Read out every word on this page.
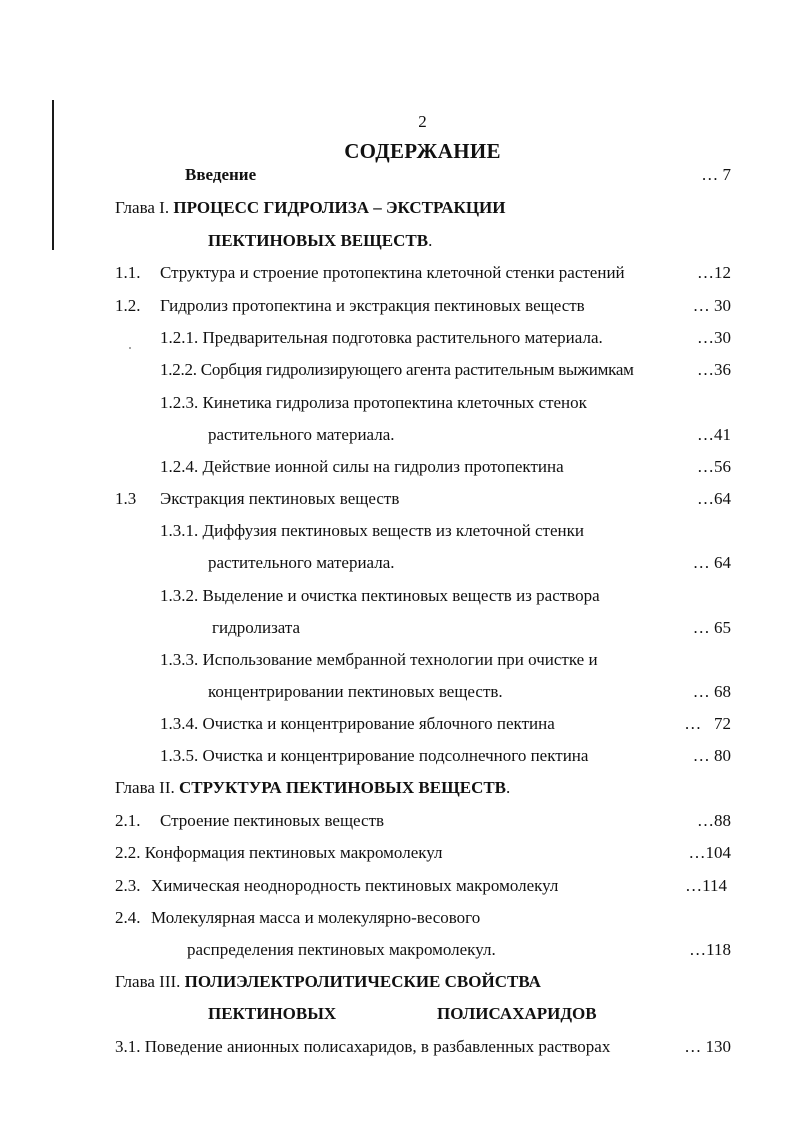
2
СОДЕРЖАНИЕ
Введение	… 7
Глава I. ПРОЦЕСС ГИДРОЛИЗА – ЭКСТРАКЦИИ
ПЕКТИНОВЫХ ВЕЩЕСТВ.
1.1. Структура и строение протопектина клеточной стенки растений	…12
1.2. Гидролиз протопектина и экстракция пектиновых веществ	… 30
1.2.1. Предварительная подготовка растительного материала.	…30
1.2.2. Сорбция гидролизирующего агента растительным выжимкам	…36
1.2.3. Кинетика гидролиза протопектина клеточных стенок
растительного материала.	…41
1.2.4. Действие ионной силы на гидролиз протопектина	…56
1.3 Экстракция пектиновых веществ	…64
1.3.1. Диффузия пектиновых веществ из клеточной стенки
растительного материала.	… 64
1.3.2. Выделение и очистка пектиновых веществ из раствора
гидролизата	… 65
1.3.3. Использование мембранной технологии при очистке и
концентрировании пектиновых веществ.	… 68
1.3.4. Очистка и концентрирование яблочного пектина	…   72
1.3.5. Очистка и концентрирование подсолнечного пектина	… 80
Глава II. СТРУКТУРА ПЕКТИНОВЫХ ВЕЩЕСТВ.
2.1. Строение пектиновых веществ	…88
2.2. Конформация пектиновых макромолекул	…104
2.3. Химическая неоднородность пектиновых макромолекул	…114
2.4. Молекулярная масса и молекулярно-весового
распределения пектиновых макромолекул.	…118
Глава III. ПОЛИЭЛЕКТРОЛИТИЧЕСКИЕ СВОЙСТВА
ПЕКТИНОВЫХ	ПОЛИСАХАРИДОВ
3.1. Поведение анионных полисахаридов, в разбавленных растворах	… 130
